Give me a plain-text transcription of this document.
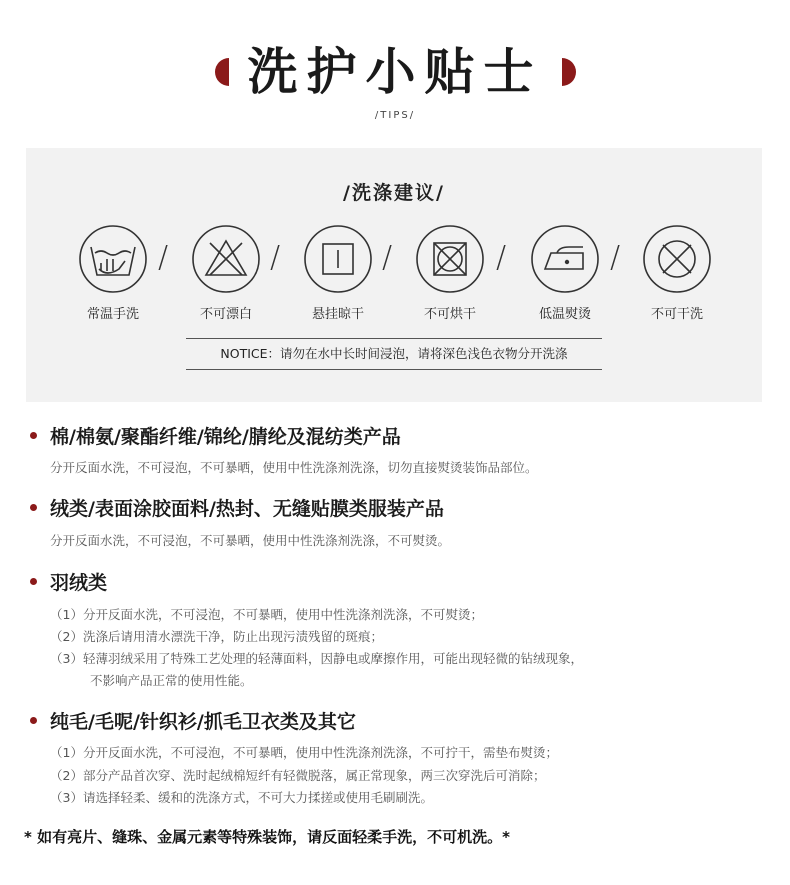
洗护小贴士
/TIPS/
/洗涤建议/
常温手洗
/
不可漂白
/
悬挂晾干
/
不可烘干
/
低温熨烫
/
不可干洗
NOTICE：请勿在水中长时间浸泡，请将深色浅色衣物分开洗涤
棉/棉氨/聚酯纤维/锦纶/腈纶及混纺类产品
分开反面水洗，不可浸泡，不可暴晒，使用中性洗涤剂洗涤，切勿直接熨烫装饰品部位。
绒类/表面涂胶面料/热封、无缝贴膜类服装产品
分开反面水洗，不可浸泡，不可暴晒，使用中性洗涤剂洗涤，不可熨烫。
羽绒类
（1）分开反面水洗，不可浸泡，不可暴晒，使用中性洗涤剂洗涤，不可熨烫；
（2）洗涤后请用清水漂洗干净，防止出现污渍残留的斑痕；
（3）轻薄羽绒采用了特殊工艺处理的轻薄面料，因静电或摩擦作用，可能出现轻微的钻绒现象，
不影响产品正常的使用性能。
纯毛/毛呢/针织衫/抓毛卫衣类及其它
（1）分开反面水洗，不可浸泡，不可暴晒，使用中性洗涤剂洗涤，不可拧干，需垫布熨烫；
（2）部分产品首次穿、洗时起绒棉短纤有轻微脱落，属正常现象，两三次穿洗后可消除；
（3）请选择轻柔、缓和的洗涤方式，不可大力揉搓或使用毛刷刷洗。
* 如有亮片、缝珠、金属元素等特殊装饰，请反面轻柔手洗，不可机洗。*
